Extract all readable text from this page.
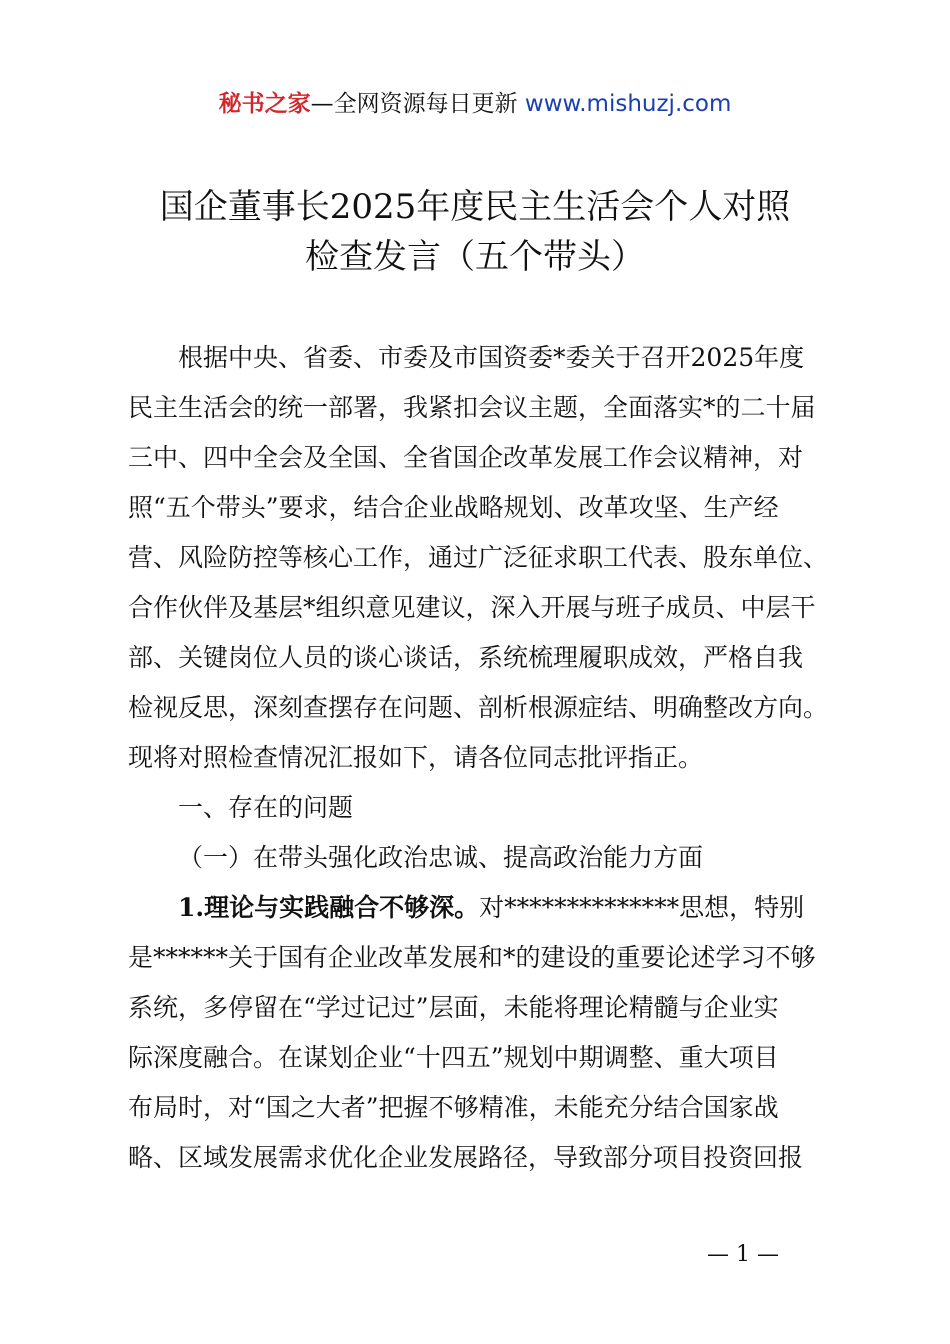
秘书之家—全网资源每日更新 www.mishuzj.com
国企董事长2025年度民主生活会个人对照
检查发言（五个带头）
根据中央、省委、市委及市国资委*委关于召开2025年度
民主生活会的统一部署，我紧扣会议主题，全面落实*的二十届
三中、四中全会及全国、全省国企改革发展工作会议精神，对
照“五个带头”要求，结合企业战略规划、改革攻坚、生产经
营、风险防控等核心工作，通过广泛征求职工代表、股东单位、
合作伙伴及基层*组织意见建议，深入开展与班子成员、中层干
部、关键岗位人员的谈心谈话，系统梳理履职成效，严格自我
检视反思，深刻查摆存在问题、剖析根源症结、明确整改方向。
现将对照检查情况汇报如下，请各位同志批评指正。
一、存在的问题
（一）在带头强化政治忠诚、提高政治能力方面
1.理论与实践融合不够深。对**************思想，特别
是******关于国有企业改革发展和*的建设的重要论述学习不够
系统，多停留在“学过记过”层面，未能将理论精髓与企业实
际深度融合。在谋划企业“十四五”规划中期调整、重大项目
布局时，对“国之大者”把握不够精准，未能充分结合国家战
略、区域发展需求优化企业发展路径，导致部分项目投资回报
— 1 —
